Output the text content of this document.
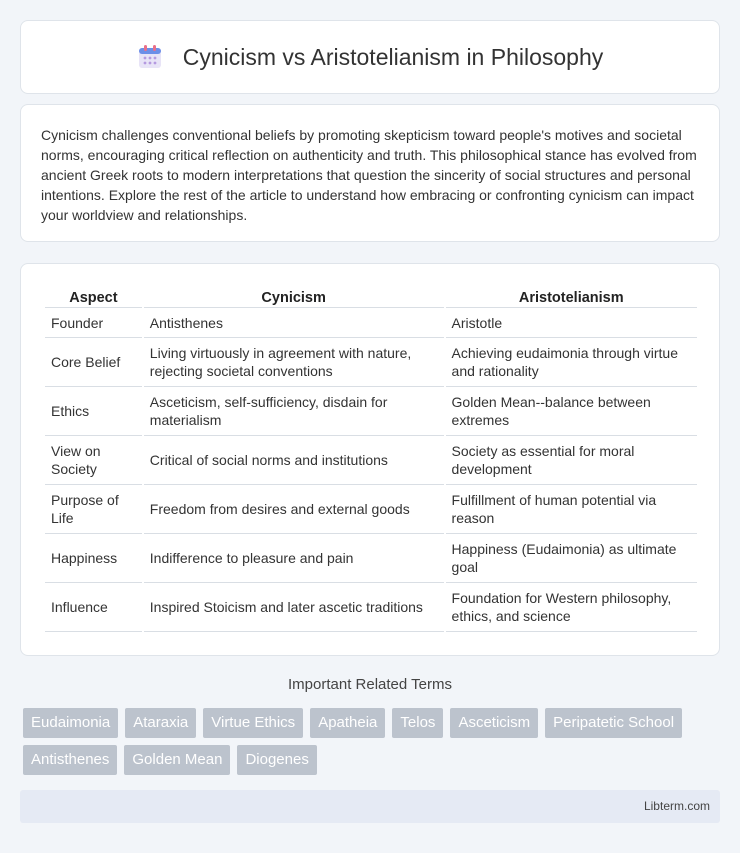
Cynicism vs Aristotelianism in Philosophy

Cynicism challenges conventional beliefs by promoting skepticism toward people's motives and societal norms, encouraging critical reflection on authenticity and truth. This philosophical stance has evolved from ancient Greek roots to modern interpretations that question the sincerity of social structures and personal intentions. Explore the rest of the article to understand how embracing or confronting cynicism can impact your worldview and relationships.

Aspect	Cynicism	Aristotelianism
Founder	Antisthenes	Aristotle
Core Belief	Living virtuously in agreement with nature, rejecting societal conventions	Achieving eudaimonia through virtue and rationality
Ethics	Asceticism, self-sufficiency, disdain for materialism	Golden Mean--balance between extremes
View on Society	Critical of social norms and institutions	Society as essential for moral development
Purpose of Life	Freedom from desires and external goods	Fulfillment of human potential via reason
Happiness	Indifference to pleasure and pain	Happiness (Eudaimonia) as ultimate goal
Influence	Inspired Stoicism and later ascetic traditions	Foundation for Western philosophy, ethics, and science
Important Related Terms
Eudaimonia	Ataraxia	Virtue Ethics	Apatheia	Telos	Asceticism	Peripatetic School
Antisthenes	Golden Mean	Diogenes
Libterm.com
